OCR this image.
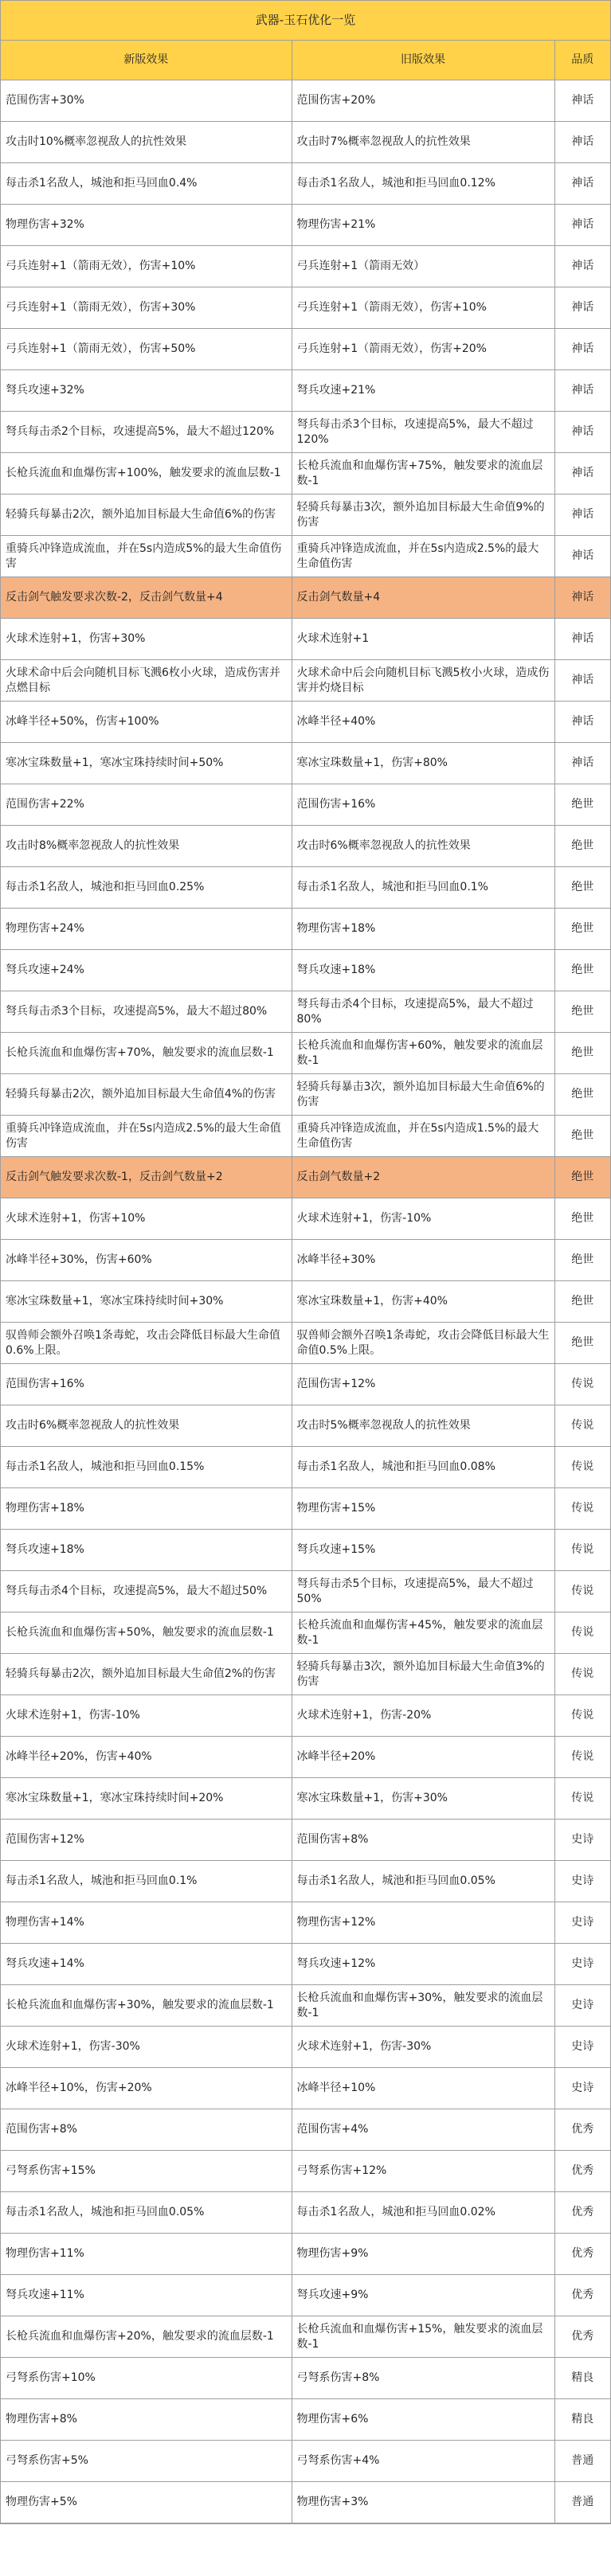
武器-玉石优化一览
新版效果	旧版效果	品质
范围伤害+30%	范围伤害+20%	神话
攻击时10%概率忽视敌人的抗性效果	攻击时7%概率忽视敌人的抗性效果	神话
每击杀1名敌人，城池和拒马回血0.4%	每击杀1名敌人，城池和拒马回血0.12%	神话
物理伤害+32%	物理伤害+21%	神话
弓兵连射+1（箭雨无效），伤害+10%	弓兵连射+1（箭雨无效）	神话
弓兵连射+1（箭雨无效），伤害+30%	弓兵连射+1（箭雨无效），伤害+10%	神话
弓兵连射+1（箭雨无效），伤害+50%	弓兵连射+1（箭雨无效），伤害+20%	神话
弩兵攻速+32%	弩兵攻速+21%	神话
弩兵每击杀2个目标，攻速提高5%，最大不超过120%	弩兵每击杀3个目标，攻速提高5%，最大不超过120%	神话
长枪兵流血和血爆伤害+100%，触发要求的流血层数-1	长枪兵流血和血爆伤害+75%，触发要求的流血层数-1	神话
轻骑兵每暴击2次，额外追加目标最大生命值6%的伤害	轻骑兵每暴击3次，额外追加目标最大生命值9%的伤害	神话
重骑兵冲锋造成流血，并在5s内造成5%的最大生命值伤害	重骑兵冲锋造成流血，并在5s内造成2.5%的最大生命值伤害	神话
反击剑气触发要求次数-2，反击剑气数量+4	反击剑气数量+4	神话
火球术连射+1，伤害+30%	火球术连射+1	神话
火球术命中后会向随机目标飞溅6枚小火球，造成伤害并点燃目标	火球术命中后会向随机目标飞溅5枚小火球，造成伤害并灼烧目标	神话
冰峰半径+50%，伤害+100%	冰峰半径+40%	神话
寒冰宝珠数量+1，寒冰宝珠持续时间+50%	寒冰宝珠数量+1，伤害+80%	神话
范围伤害+22%	范围伤害+16%	绝世
攻击时8%概率忽视敌人的抗性效果	攻击时6%概率忽视敌人的抗性效果	绝世
每击杀1名敌人，城池和拒马回血0.25%	每击杀1名敌人，城池和拒马回血0.1%	绝世
物理伤害+24%	物理伤害+18%	绝世
弩兵攻速+24%	弩兵攻速+18%	绝世
弩兵每击杀3个目标，攻速提高5%，最大不超过80%	弩兵每击杀4个目标，攻速提高5%，最大不超过80%	绝世
长枪兵流血和血爆伤害+70%，触发要求的流血层数-1	长枪兵流血和血爆伤害+60%，触发要求的流血层数-1	绝世
轻骑兵每暴击2次，额外追加目标最大生命值4%的伤害	轻骑兵每暴击3次，额外追加目标最大生命值6%的伤害	绝世
重骑兵冲锋造成流血，并在5s内造成2.5%的最大生命值伤害	重骑兵冲锋造成流血，并在5s内造成1.5%的最大生命值伤害	绝世
反击剑气触发要求次数-1，反击剑气数量+2	反击剑气数量+2	绝世
火球术连射+1，伤害+10%	火球术连射+1，伤害-10%	绝世
冰峰半径+30%，伤害+60%	冰峰半径+30%	绝世
寒冰宝珠数量+1，寒冰宝珠持续时间+30%	寒冰宝珠数量+1，伤害+40%	绝世
驭兽师会额外召唤1条毒蛇，攻击会降低目标最大生命值0.6%上限。	驭兽师会额外召唤1条毒蛇，攻击会降低目标最大生命值0.5%上限。	绝世
范围伤害+16%	范围伤害+12%	传说
攻击时6%概率忽视敌人的抗性效果	攻击时5%概率忽视敌人的抗性效果	传说
每击杀1名敌人，城池和拒马回血0.15%	每击杀1名敌人，城池和拒马回血0.08%	传说
物理伤害+18%	物理伤害+15%	传说
弩兵攻速+18%	弩兵攻速+15%	传说
弩兵每击杀4个目标，攻速提高5%，最大不超过50%	弩兵每击杀5个目标，攻速提高5%，最大不超过50%	传说
长枪兵流血和血爆伤害+50%，触发要求的流血层数-1	长枪兵流血和血爆伤害+45%，触发要求的流血层数-1	传说
轻骑兵每暴击2次，额外追加目标最大生命值2%的伤害	轻骑兵每暴击3次，额外追加目标最大生命值3%的伤害	传说
火球术连射+1，伤害-10%	火球术连射+1，伤害-20%	传说
冰峰半径+20%，伤害+40%	冰峰半径+20%	传说
寒冰宝珠数量+1，寒冰宝珠持续时间+20%	寒冰宝珠数量+1，伤害+30%	传说
范围伤害+12%	范围伤害+8%	史诗
每击杀1名敌人，城池和拒马回血0.1%	每击杀1名敌人，城池和拒马回血0.05%	史诗
物理伤害+14%	物理伤害+12%	史诗
弩兵攻速+14%	弩兵攻速+12%	史诗
长枪兵流血和血爆伤害+30%，触发要求的流血层数-1	长枪兵流血和血爆伤害+30%，触发要求的流血层数-1	史诗
火球术连射+1，伤害-30%	火球术连射+1，伤害-30%	史诗
冰峰半径+10%，伤害+20%	冰峰半径+10%	史诗
范围伤害+8%	范围伤害+4%	优秀
弓弩系伤害+15%	弓弩系伤害+12%	优秀
每击杀1名敌人，城池和拒马回血0.05%	每击杀1名敌人，城池和拒马回血0.02%	优秀
物理伤害+11%	物理伤害+9%	优秀
弩兵攻速+11%	弩兵攻速+9%	优秀
长枪兵流血和血爆伤害+20%，触发要求的流血层数-1	长枪兵流血和血爆伤害+15%，触发要求的流血层数-1	优秀
弓弩系伤害+10%	弓弩系伤害+8%	精良
物理伤害+8%	物理伤害+6%	精良
弓弩系伤害+5%	弓弩系伤害+4%	普通
物理伤害+5%	物理伤害+3%	普通
